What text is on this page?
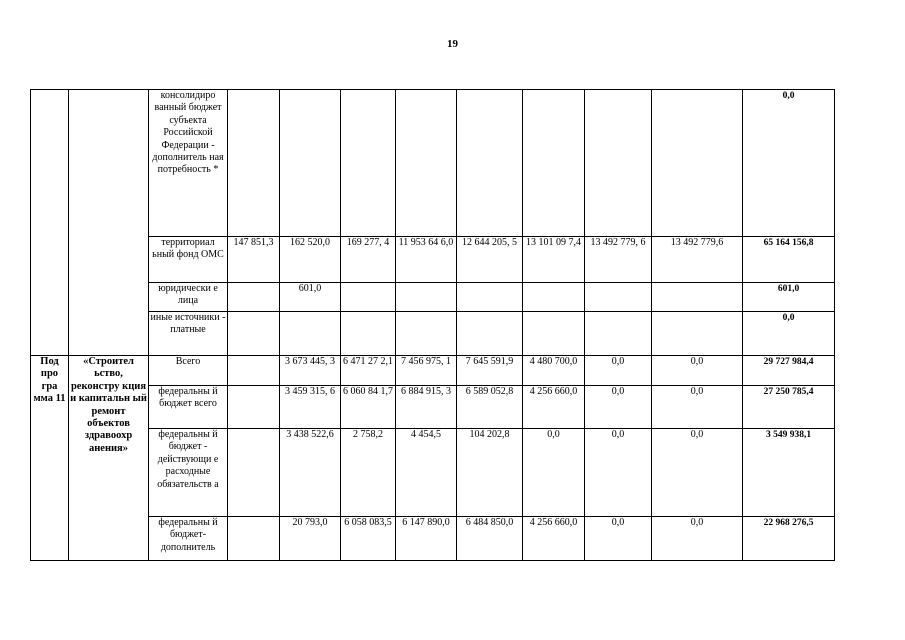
19
		консолидиро ванный бюджет субъекта Российской Федерации - дополнитель ная потребность *									0,0
		территориал ьный фонд ОМС	147 851,3	162 520,0	169 277, 4	11 953 64 6,0	12 644 205, 5	13 101 09 7,4	13 492 779, 6	13 492 779,6	65 164 156,8
		юридически е лица		601,0							601,0
		иные источники - платные									0,0
Под про гра мма 11	«Строител ьство, реконстру кция и капитальн ый ремонт объектов здравоохр анения»	Всего		3 673 445, 3	6 471 27 2,1	7 456 975, 1	7 645 591,9	4 480 700,0	0,0	0,0	29 727 984,4
		федеральны й бюджет всего		3 459 315, 6	6 060 84 1,7	6 884 915, 3	6 589 052,8	4 256 660,0	0,0	0,0	27 250 785,4
		федеральны й бюджет - действующи е расходные обязательств а		3 438 522,6	2 758,2	4 454,5	104 202,8	0,0	0,0	0,0	3 549 938,1
		федеральны й бюджет- дополнитель		20 793,0	6 058 083,5	6 147 890,0	6 484 850,0	4 256 660,0	0,0	0,0	22 968 276,5
